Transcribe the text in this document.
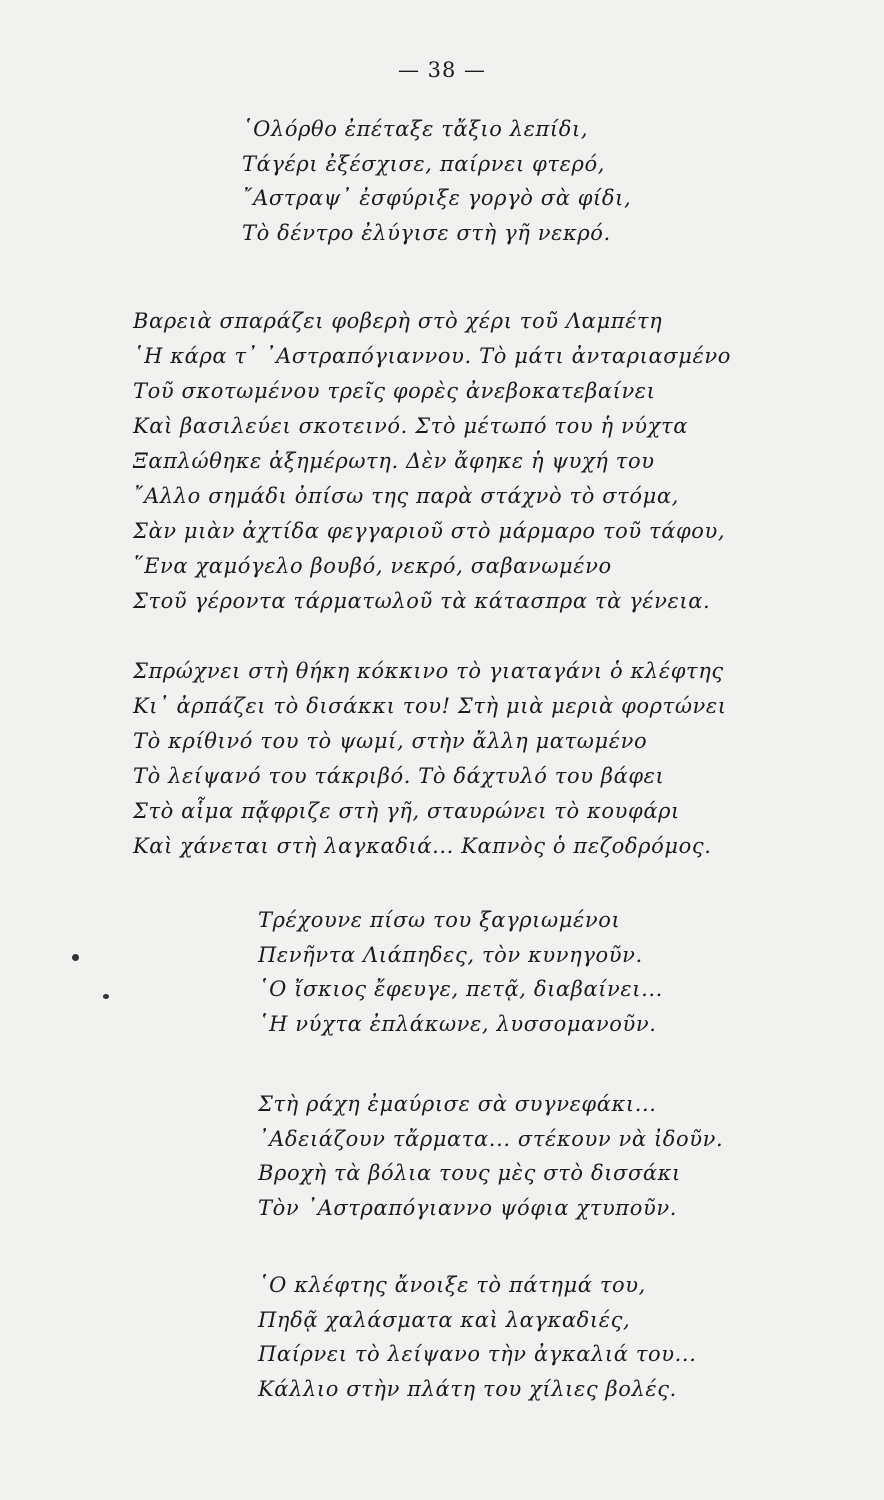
— 38 —
῾Ολόρθο ἐπέταξε τἄξιο λεπίδι,
Τάγέρι ἐξέσχισε, παίρνει φτερό,
῎Αστραψ᾽ ἐσφύριξε γοργὸ σὰ φίδι,
Τὸ δέντρο ἐλύγισε στὴ γῆ νεκρό.
Βαρειὰ σπαράζει φοβερὴ στὸ χέρι τοῦ Λαμπέτη
῾Η κάρα τ᾽ ᾽Αστραπόγιαννου. Τὸ μάτι ἀνταριασμένο
Τοῦ σκοτωμένου τρεῖς φορὲς ἀνεβοκατεβαίνει
Καὶ βασιλεύει σκοτεινό. Στὸ μέτωπό του ἡ νύχτα
Ξαπλώθηκε ἀξημέρωτη. Δὲν ἄφηκε ἡ ψυχή του
῎Αλλο σημάδι ὀπίσω της παρὰ στάχνὸ τὸ στόμα,
Σὰν μιὰν ἀχτίδα φεγγαριοῦ στὸ μάρμαρο τοῦ τάφου,
῞Ενα χαμόγελο βουβό, νεκρό, σαβανωμένο
Στοῦ γέροντα τάρματωλοῦ τὰ κάτασπρα τὰ γένεια.
Σπρώχνει στὴ θήκη κόκκινο τὸ γιαταγάνι ὁ κλέφτης
Κι᾽ ἀρπάζει τὸ δισάκκι του! Στὴ μιὰ μεριὰ φορτώνει
Τὸ κρίθινό του τὸ ψωμί, στὴν ἄλλη ματωμένο
Τὸ λείψανό του τάκριβό. Τὸ δάχτυλό του βάφει
Στὸ αἷμα πᾄφριζε στὴ γῆ, σταυρώνει τὸ κουφάρι
Καὶ χάνεται στὴ λαγκαδιά... Καπνὸς ὁ πεζοδρόμος.
Τρέχουνε πίσω του ξαγριωμένοι
Πενῆντα Λιάπηδες, τὸν κυνηγοῦν.
῾Ο ἴσκιος ἔφευγε, πετᾷ, διαβαίνει...
῾Η νύχτα ἐπλάκωνε, λυσσομανοῦν.
Στὴ ράχη ἐμαύρισε σὰ συγνεφάκι...
᾽Αδειάζουν τἄρματα... στέκουν νὰ ἰδοῦν.
Βροχὴ τὰ βόλια τους μὲς στὸ δισσάκι
Τὸν ᾽Αστραπόγιαννο ψόφια χτυποῦν.
῾Ο κλέφτης ἄνοιξε τὸ πάτημά του,
Πηδᾷ χαλάσματα καὶ λαγκαδιές,
Παίρνει τὸ λείψανο τὴν ἀγκαλιά του...
Κάλλιο στὴν πλάτη του χίλιες βολές.
